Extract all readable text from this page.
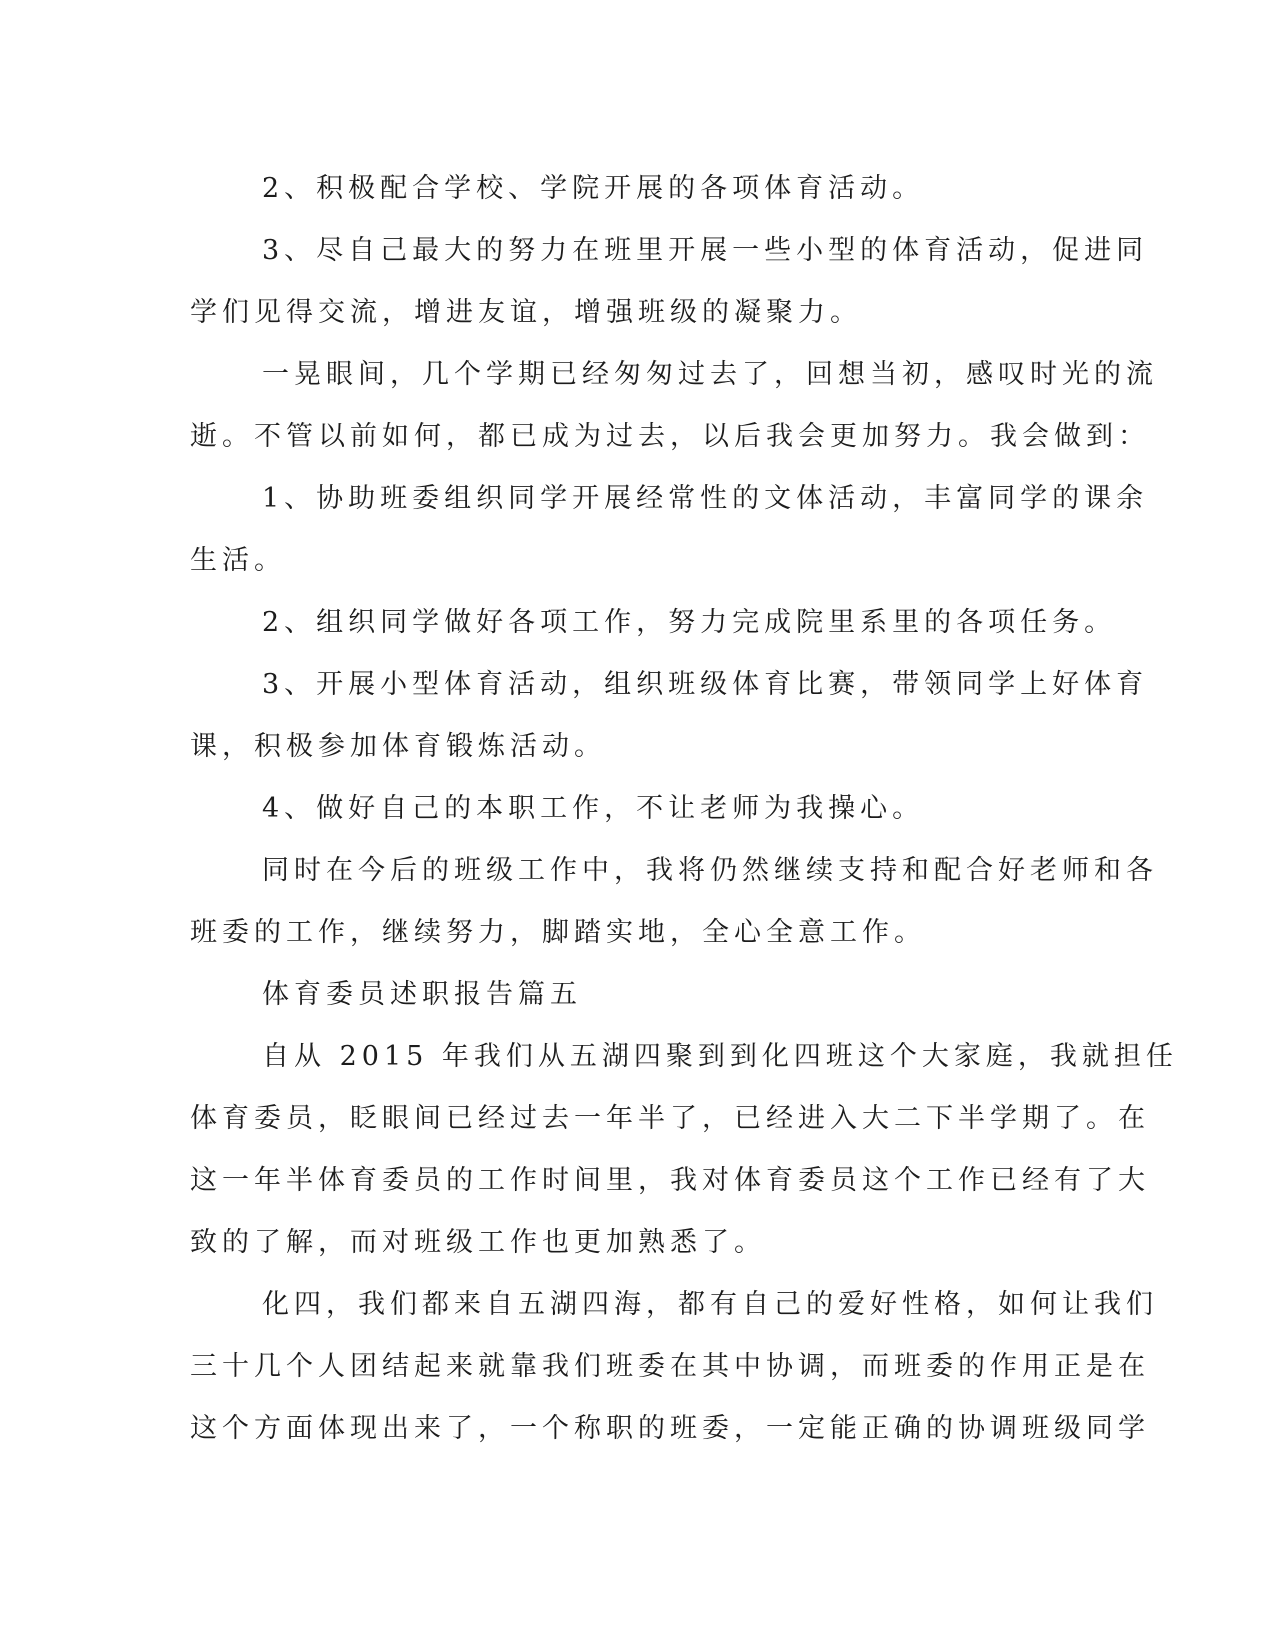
2、积极配合学校、学院开展的各项体育活动。

3、尽自己最大的努力在班里开展一些小型的体育活动，促进同

学们见得交流，增进友谊，增强班级的凝聚力。

一晃眼间，几个学期已经匆匆过去了，回想当初，感叹时光的流

逝。不管以前如何，都已成为过去，以后我会更加努力。我会做到：

1、协助班委组织同学开展经常性的文体活动，丰富同学的课余

生活。

2、组织同学做好各项工作，努力完成院里系里的各项任务。

3、开展小型体育活动，组织班级体育比赛，带领同学上好体育

课，积极参加体育锻炼活动。

4、做好自己的本职工作，不让老师为我操心。

同时在今后的班级工作中，我将仍然继续支持和配合好老师和各

班委的工作，继续努力，脚踏实地，全心全意工作。

体育委员述职报告篇五

自从 2015 年我们从五湖四聚到到化四班这个大家庭，我就担任

体育委员，眨眼间已经过去一年半了，已经进入大二下半学期了。在

这一年半体育委员的工作时间里，我对体育委员这个工作已经有了大

致的了解，而对班级工作也更加熟悉了。

化四，我们都来自五湖四海，都有自己的爱好性格，如何让我们

三十几个人团结起来就靠我们班委在其中协调，而班委的作用正是在

这个方面体现出来了，一个称职的班委，一定能正确的协调班级同学
